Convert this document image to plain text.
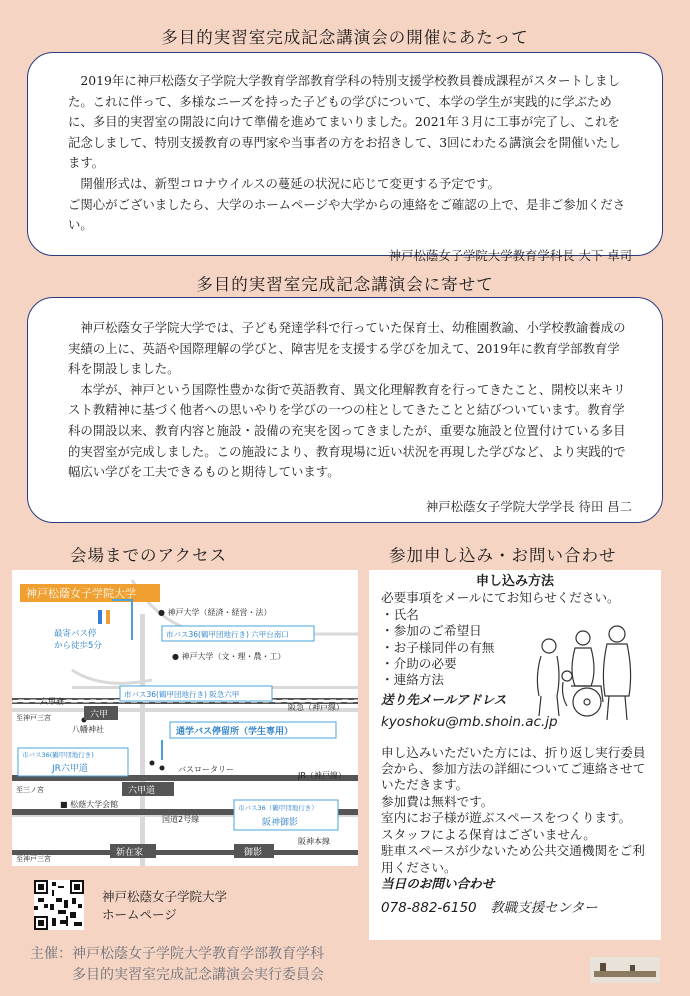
多目的実習室完成記念講演会の開催にあたって

　2019年に神戸松蔭女子学院大学教育学部教育学科の特別支援学校教員養成課程がスタートしました。これに伴って、多様なニーズを持った子どもの学びについて、本学の学生が実践的に学ぶために、多目的実習室の開設に向けて準備を進めてまいりました。2021年３月に工事が完了し、これを記念しまして、特別支援教育の専門家や当事者の方をお招きして、3回にわたる講演会を開催いたします。

　開催形式は、新型コロナウイルスの蔓延の状況に応じて変更する予定です。

ご関心がございましたら、大学のホームページや大学からの連絡をご確認の上で、是非ご参加ください。

神戸松蔭女子学院大学教育学科長 大下 卓司

多目的実習室完成記念講演会に寄せて

　神戸松蔭女子学院大学では、子ども発達学科で行っていた保育士、幼稚園教諭、小学校教諭養成の実績の上に、英語や国際理解の学びと、障害児を支援する学びを加えて、2019年に教育学部教育学科を開設しました。

　本学が、神戸という国際性豊かな街で英語教育、異文化理解教育を行ってきたこと、開校以来キリスト教精神に基づく他者への思いやりを学びの一つの柱としてきたことと結びついています。教育学科の開設以来、教育内容と施設・設備の充実を図ってきましたが、重要な施設と位置付けている多目的実習室が完成しました。この施設により、教育現場に近い状況を再現した学びなど、より実践的で幅広い学びを工夫できるものと期待しています。

神戸松蔭女子学院大学学長 待田 昌二

会場までのアクセス
神戸松蔭女子学院大学
最寄バス停
から徒歩5分
● 神戸大学（経済・経営・法）
● 神戸大学（文・理・農・工）
市バス36(鶴甲団地行き) 六甲台南口
市バス36(鶴甲団地行き) 阪急六甲
八幡神社
六甲寮
至神戸三宮	六甲
阪急（神戸線）
通学バス停留所（学生専用）
市バス36(鶴甲団地行き)
JR六甲道	バスロータリー
JR（神戸線）
六甲道
至三ノ宮
■ 松蔭大学会館	市バス36（鶴甲団地行き）
阪神御影
国道2号線
阪神本線
新在家	御影
至神戸三宮
神戸松蔭女子学院大学
ホームページ
主催：神戸松蔭女子学院大学教育学部教育学科
　　　多目的実習室完成記念講演会実行委員会
参加申し込み・お問い合わせ
申し込み方法
必要事項をメールにてお知らせください。
・氏名
・参加のご希望日
・お子様同伴の有無
・介助の必要
・連絡方法
送り先メールアドレス
kyoshoku@mb.shoin.ac.jp
申し込みいただいた方には、折り返し実行委員会から、参加方法の詳細についてご連絡させていただきます。
参加費は無料です。
室内にお子様が遊ぶスペースをつくります。
スタッフによる保育はございません。
駐車スペースが少ないため公共交通機関をご利用ください。
当日のお問い合わせ
078-882-6150　教職支援センター
